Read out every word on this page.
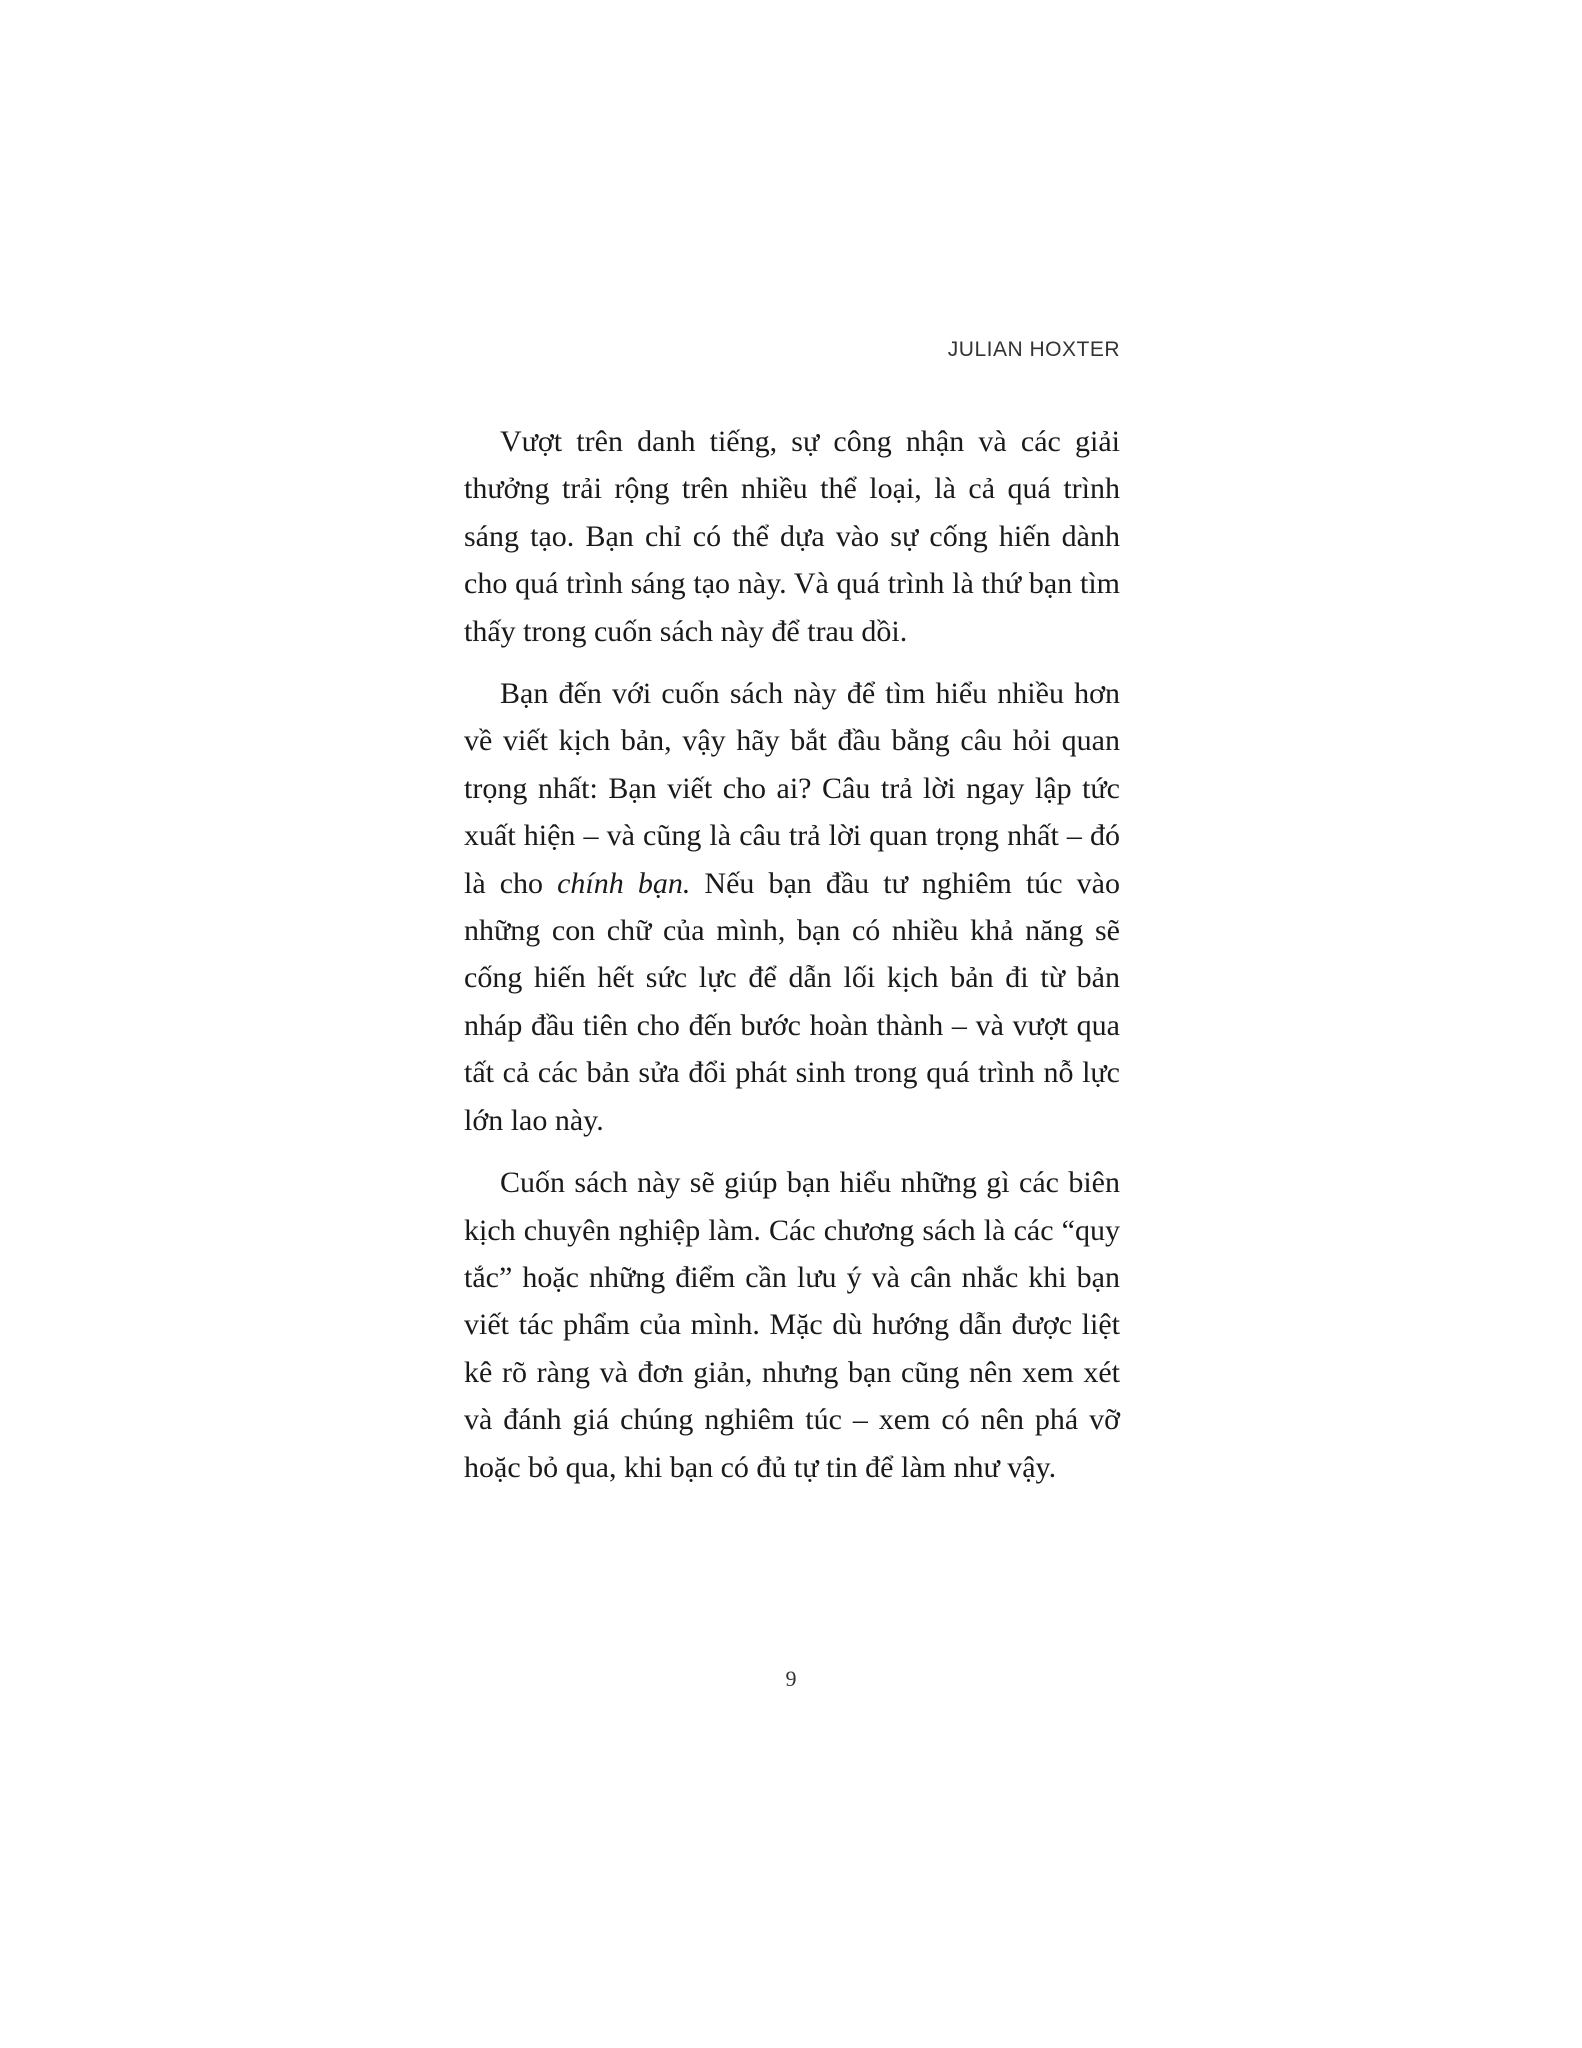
JULIAN HOXTER

Vượt trên danh tiếng, sự công nhận và các giải thưởng trải rộng trên nhiều thể loại, là cả quá trình sáng tạo. Bạn chỉ có thể dựa vào sự cống hiến dành cho quá trình sáng tạo này. Và quá trình là thứ bạn tìm thấy trong cuốn sách này để trau dồi.

Bạn đến với cuốn sách này để tìm hiểu nhiều hơn về viết kịch bản, vậy hãy bắt đầu bằng câu hỏi quan trọng nhất: Bạn viết cho ai? Câu trả lời ngay lập tức xuất hiện – và cũng là câu trả lời quan trọng nhất – đó là cho chính bạn. Nếu bạn đầu tư nghiêm túc vào những con chữ của mình, bạn có nhiều khả năng sẽ cống hiến hết sức lực để dẫn lối kịch bản đi từ bản nháp đầu tiên cho đến bước hoàn thành – và vượt qua tất cả các bản sửa đổi phát sinh trong quá trình nỗ lực lớn lao này.

Cuốn sách này sẽ giúp bạn hiểu những gì các biên kịch chuyên nghiệp làm. Các chương sách là các “quy tắc” hoặc những điểm cần lưu ý và cân nhắc khi bạn viết tác phẩm của mình. Mặc dù hướng dẫn được liệt kê rõ ràng và đơn giản, nhưng bạn cũng nên xem xét và đánh giá chúng nghiêm túc – xem có nên phá vỡ hoặc bỏ qua, khi bạn có đủ tự tin để làm như vậy.

9
